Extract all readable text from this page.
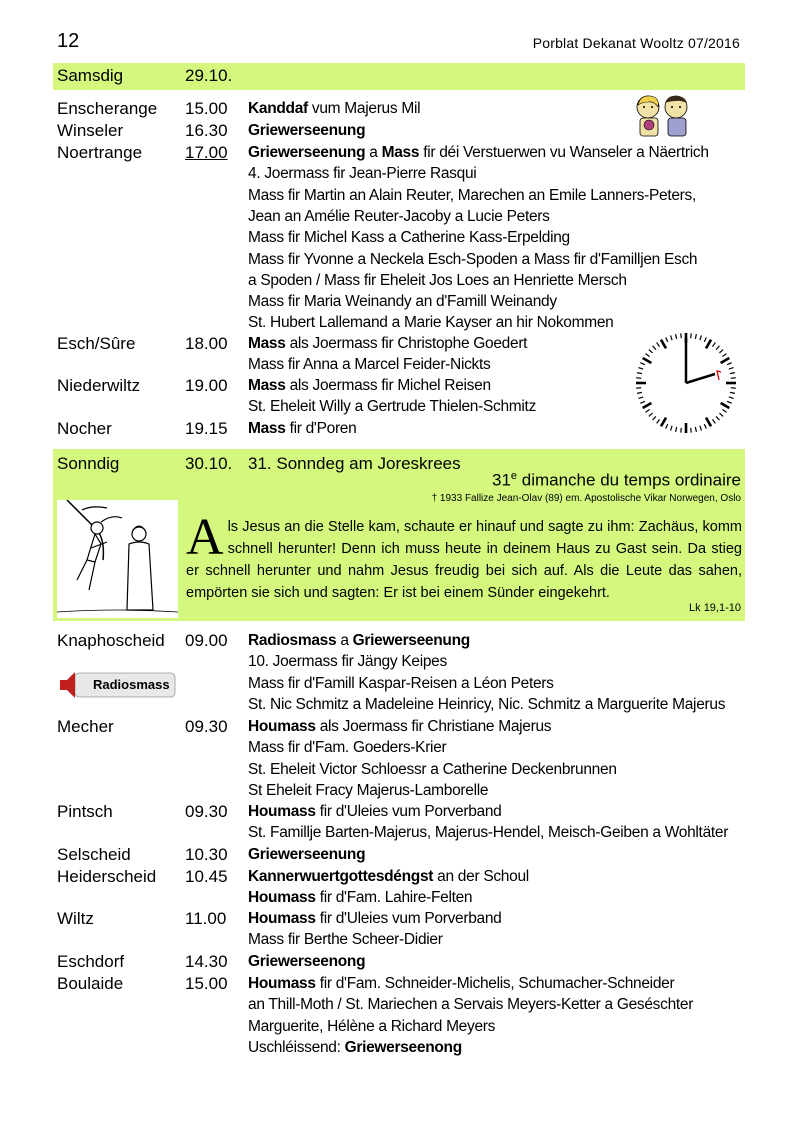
12	Porblat Dekanat Wooltz 07/2016
Samsdig	29.10.
Enscherange 15.00 Kanddaf vum Majerus Mil
Winseler	16.30 Griewerseenung
Noertrange	17.00 Griewerseenung a Mass fir déi Verstuerwen vu Wanseler a Näertrich
4. Joermass fir Jean-Pierre Rasqui
Mass fir Martin an Alain Reuter, Marechen an Emile Lanners-Peters,
Jean an Amélie Reuter-Jacoby a Lucie Peters
Mass fir Michel Kass a Catherine Kass-Erpelding
Mass fir Yvonne a Neckela Esch-Spoden a Mass fir d'Familljen Esch
a Spoden / Mass fir Eheleit Jos Loes an Henriette Mersch
Mass fir Maria Weinandy an d'Famill Weinandy
St. Hubert Lallemand a Marie Kayser an hir Nokommen
Esch/Sûre	18.00 Mass als Joermass fir Christophe Goedert
Mass fir Anna a Marcel Feider-Nickts
Niederwiltz	19.00 Mass als Joermass fir Michel Reisen
St. Eheleit Willy a Gertrude Thielen-Schmitz
Nocher	19.15 Mass fir d'Poren
Sonndig	30.10. 31. Sonndeg am Joreskrees
31e dimanche du temps ordinaire
† 1933 Fallize Jean-Olav (89) em. Apostolische Vikar Norwegen, Oslo
Als Jesus an die Stelle kam, schaute er hinauf und sagte zu ihm: Zachäus, komm schnell herunter! Denn ich muss heute in deinem Haus zu Gast sein. Da stieg er schnell herunter und nahm Jesus freudig bei sich auf. Als die Leute das sahen, empörten sie sich und sagten: Er ist bei einem Sünder eingekehrt.
Lk 19,1-10
Radiosmass
Knaphoscheid 09.00 Radiosmass a Griewerseenung
10. Joermass fir Jängy Keipes
Mass fir d'Famill Kaspar-Reisen a Léon Peters
St. Nic Schmitz a Madeleine Heinricy, Nic. Schmitz a Marguerite Majerus
Mecher	09.30 Houmass als Joermass fir Christiane Majerus
Mass fir d'Fam. Goeders-Krier
St. Eheleit Victor Schloessr a Catherine Deckenbrunnen
St Eheleit Fracy Majerus-Lamborelle
Pintsch	09.30 Houmass fir d'Uleies vum Porverband
St. Familljе Barten-Majerus, Majerus-Hendel, Meisch-Geiben a Wohltäter
Selscheid	10.30 Griewerseenung
Heiderscheid 10.45 Kannerwuertgottesdéngst an der Schoul
Houmass fir d'Fam. Lahire-Felten
Wiltz	11.00 Houmass fir d'Uleies vum Porverband
Mass fir Berthe Scheer-Didier
Eschdorf	14.30 Griewerseenong
Boulaide	15.00 Houmass fir d'Fam. Schneider-Michelis, Schumacher-Schneider
an Thill-Moth / St. Mariechen a Servais Meyers-Ketter a Geséschter
Marguerite, Hélène a Richard Meyers
Uschléissend: Griewerseenong
